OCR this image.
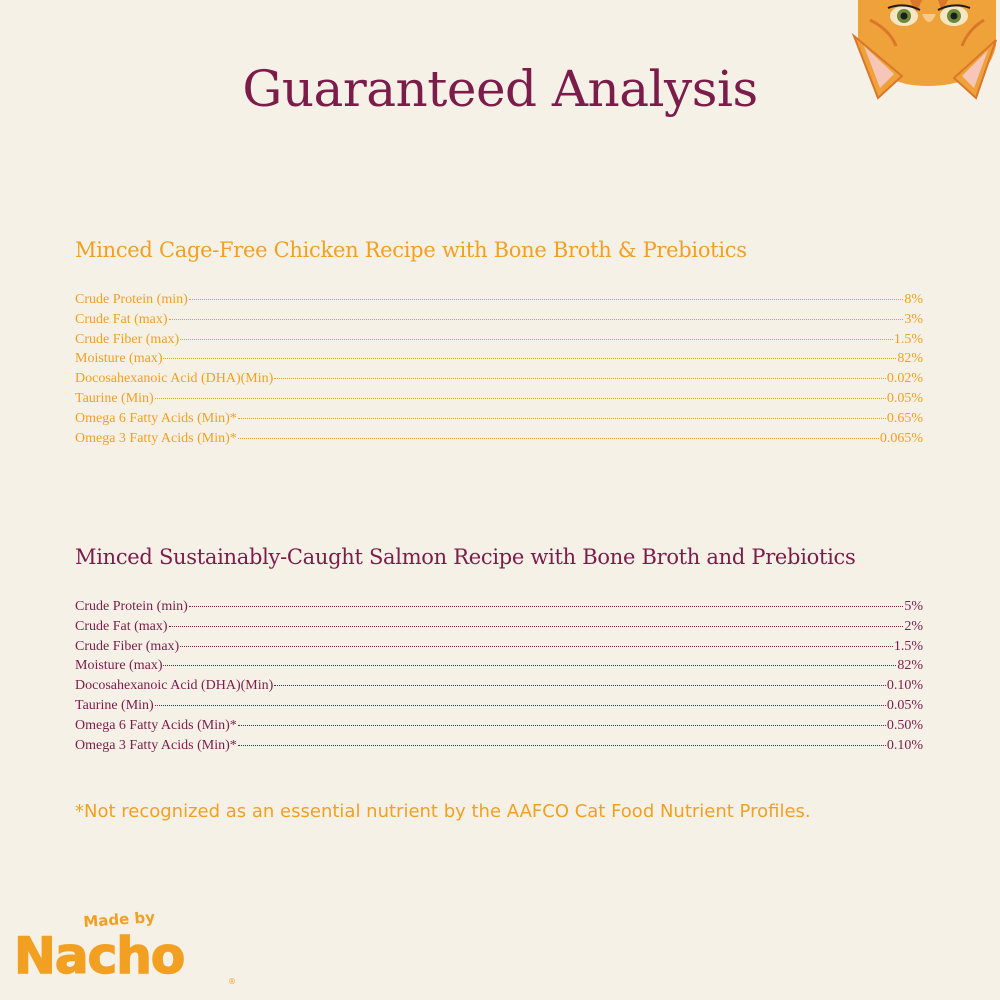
Guaranteed Analysis
Minced Cage-Free Chicken Recipe with Bone Broth & Prebiotics
Crude Protein (min)	8%
Crude Fat (max)	3%
Crude Fiber (max)	1.5%
Moisture (max)	82%
Docosahexanoic Acid (DHA)(Min)	0.02%
Taurine (Min)	0.05%
Omega 6 Fatty Acids (Min)*	0.65%
Omega 3 Fatty Acids (Min)*	0.065%
Minced Sustainably-Caught Salmon Recipe with Bone Broth and Prebiotics
Crude Protein (min)	5%
Crude Fat (max)	2%
Crude Fiber (max)	1.5%
Moisture (max)	82%
Docosahexanoic Acid (DHA)(Min)	0.10%
Taurine (Min)	0.05%
Omega 6 Fatty Acids (Min)*	0.50%
Omega 3 Fatty Acids (Min)*	0.10%
*Not recognized as an essential nutrient by the AAFCO Cat Food Nutrient Profiles.
Made by
Nacho	®
